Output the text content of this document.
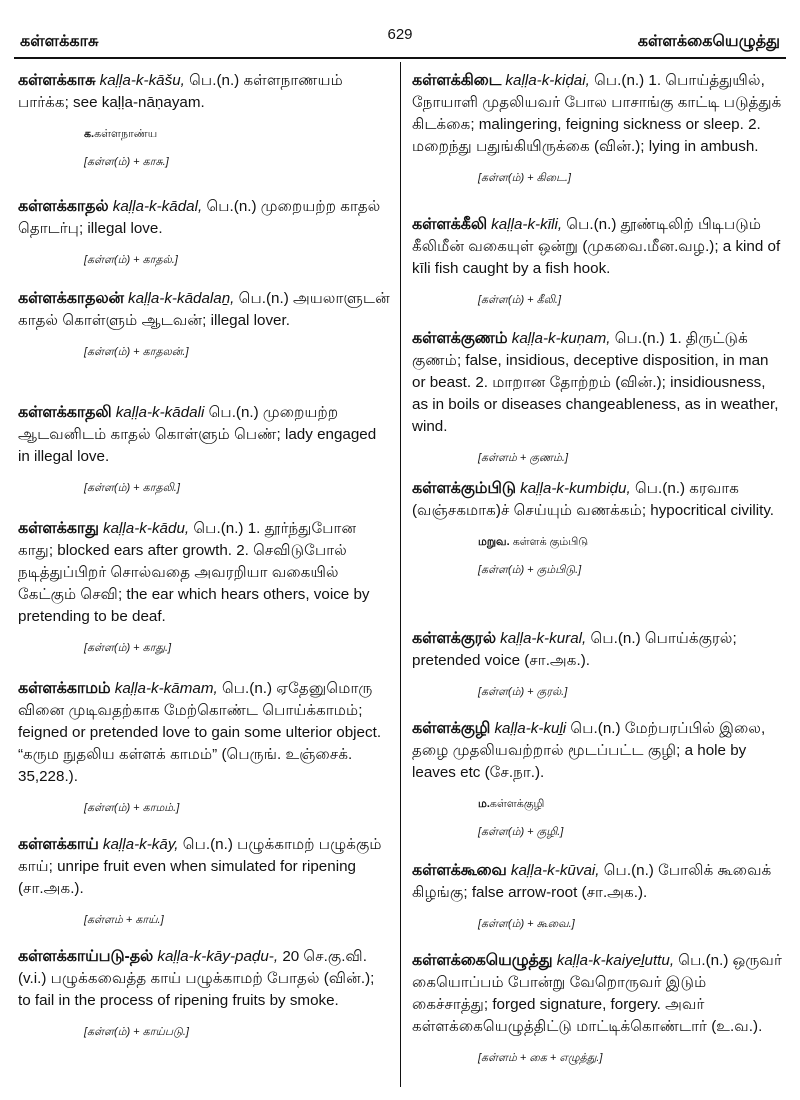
கள்ளக்காசு	629	கள்ளக்கையெழுத்து
கள்ளக்காசு kaḷḷa-k-kāšu, பெ.(n.) கள்ளநாணயம் பார்க்க; see kaḷḷa-nāṇayam.
க.கள்ளநாண்ய
[கள்ள(ம்) + காசு.]
கள்ளக்காதல் kaḷḷa-k-kādal, பெ.(n.) முறையற்ற காதல் தொடர்பு; illegal love.
[கள்ள(ம்) + காதல்.]
கள்ளக்காதலன் kaḷḷa-k-kādalaṉ, பெ.(n.) அயலாளுடன் காதல் கொள்ளும் ஆடவன்; illegal lover.
[கள்ள(ம்) + காதலன்.]
கள்ளக்காதலி kaḷḷa-k-kādali பெ.(n.) முறையற்ற ஆடவனிடம் காதல் கொள்ளும் பெண்; lady engaged in illegal love.
[கள்ள(ம்) + காதலி.]
கள்ளக்காது kaḷḷa-k-kādu, பெ.(n.) 1. தூர்ந்துபோன காது; blocked ears after growth. 2. செவிடுபோல் நடித்துப்பிறர் சொல்வதை அவரறியா வகையில் கேட்கும் செவி; the ear which hears others, voice by pretending to be deaf.
[கள்ள(ம்) + காது.]
கள்ளக்காமம் kaḷḷa-k-kāmam, பெ.(n.) ஏதேனுமொரு வினை முடிவதற்காக மேற்கொண்ட பொய்க்காமம்; feigned or pretended love to gain some ulterior object. “கரும நுதலிய கள்ளக் காமம்” (பெருங். உஞ்சைக். 35,228.).
[கள்ள(ம்) + காமம்.]
கள்ளக்காய் kaḷḷa-k-kāy, பெ.(n.) பழுக்காமற் பழுக்கும் காய்; unripe fruit even when simulated for ripening (சா.அக.).
[கள்ளம் + காய்.]
கள்ளக்காய்படு-தல் kaḷḷa-k-kāy-paḍu-, 20 செ.கு.வி.(v.i.) பழுக்கவைத்த காய் பழுக்காமற் போதல் (வின்.); to fail in the process of ripening fruits by smoke.
[கள்ள(ம்) + காய்படு.]
கள்ளக்கிடை kaḷḷa-k-kiḍai, பெ.(n.) 1. பொய்த்துயில், நோயாளி முதலியவர் போல பாசாங்கு காட்டி படுத்துக் கிடக்கை; malingering, feigning sickness or sleep. 2. மறைந்து பதுங்கியிருக்கை (வின்.); lying in ambush.
[கள்ள(ம்) + கிடை.]
கள்ளக்கீலி kaḷḷa-k-kīli, பெ.(n.) தூண்டிலிற் பிடிபடும் கீலிமீன் வகையுள் ஒன்று (முகவை.மீன.வழ.); a kind of kīli fish caught by a fish hook.
[கள்ள(ம்) + கீலி.]
கள்ளக்குணம் kaḷḷa-k-kuṇam, பெ.(n.) 1. திருட்டுக் குணம்; false, insidious, deceptive disposition, in man or beast. 2. மாறான தோற்றம் (வின்.); insidiousness, as in boils or diseases changeableness, as in weather, wind.
[கள்ளம் + குணம்.]
கள்ளக்கும்பிடு kaḷḷa-k-kumbiḍu, பெ.(n.) கரவாக (வஞ்சகமாக)ச் செய்யும் வணக்கம்; hypocritical civility.
மறுவ. கள்ளக் கும்பிடு
[கள்ள(ம்) + கும்பிடு.]
கள்ளக்குரல் kaḷḷa-k-kural, பெ.(n.) பொய்க்குரல்; pretended voice (சா.அக.).
[கள்ள(ம்) + குரல்.]
கள்ளக்குழி kaḷḷa-k-kuḻi பெ.(n.) மேற்பரப்பில் இலை, தழை முதலியவற்றால் மூடப்பட்ட குழி; a hole by leaves etc (சே.நா.).
ம.கள்ளக்குழி
[கள்ள(ம்) + குழி.]
கள்ளக்கூவை kaḷḷa-k-kūvai, பெ.(n.) போலிக் கூவைக் கிழங்கு; false arrow-root (சா.அக.).
[கள்ள(ம்) + கூவை.]
கள்ளக்கையெழுத்து kaḷḷa-k-kaiyeḻuttu, பெ.(n.) ஒருவர் கையொப்பம் போன்று வேறொருவர் இடும் கைச்சாத்து; forged signature, forgery. அவர் கள்ளக்கையெழுத்திட்டு மாட்டிக்கொண்டார் (உ.வ.).
[கள்ளம் + கை + எழுத்து.]
